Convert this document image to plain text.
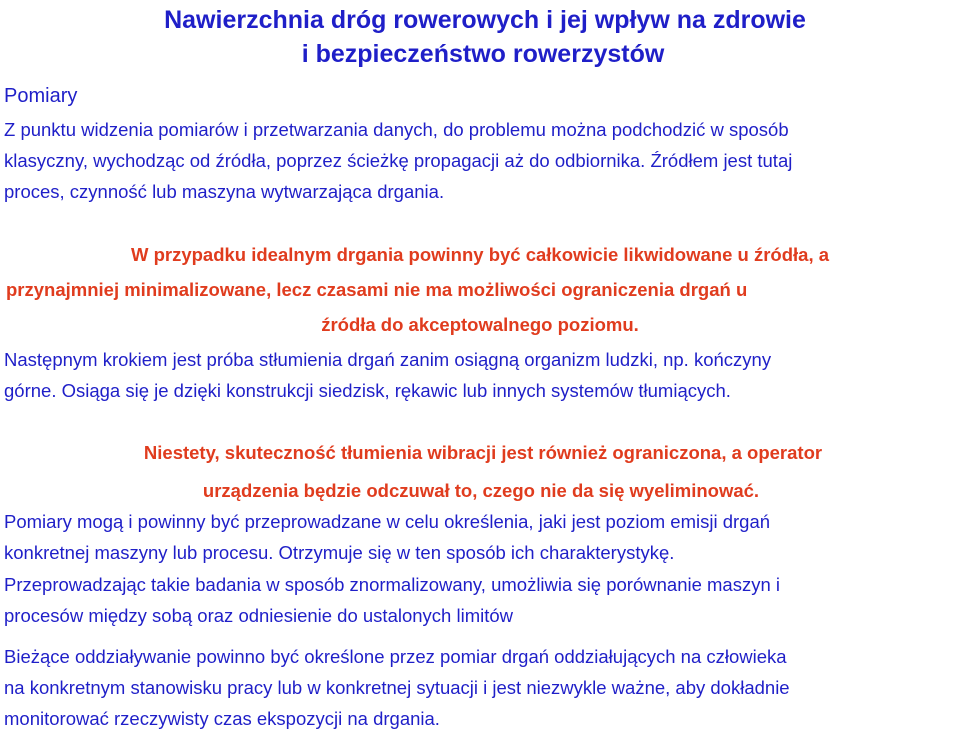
Nawierzchnia dróg rowerowych i jej wpływ na zdrowie
i bezpieczeństwo rowerzystów
Pomiary
Z punktu widzenia pomiarów i przetwarzania danych, do problemu można podchodzić w sposób
klasyczny, wychodząc od źródła, poprzez ścieżkę propagacji aż do odbiornika. Źródłem jest tutaj
proces, czynność lub maszyna wytwarzająca drgania.
W przypadku idealnym drgania powinny być całkowicie likwidowane u źródła, a
przynajmniej minimalizowane, lecz czasami nie ma możliwości ograniczenia drgań u
źródła do akceptowalnego poziomu.
Następnym krokiem jest próba stłumienia drgań zanim osiągną organizm ludzki, np. kończyny
górne. Osiąga się je dzięki konstrukcji siedzisk, rękawic lub innych systemów tłumiących.
Niestety, skuteczność tłumienia wibracji jest również ograniczona, a operator
urządzenia będzie odczuwał to, czego nie da się wyeliminować.
Pomiary mogą i powinny być przeprowadzane w celu określenia, jaki jest poziom emisji drgań
konkretnej maszyny lub procesu. Otrzymuje się w ten sposób ich charakterystykę.
Przeprowadzając takie badania w sposób znormalizowany, umożliwia się porównanie maszyn i
procesów między sobą oraz odniesienie do ustalonych limitów
Bieżące oddziaływanie powinno być określone przez pomiar drgań oddziałujących na człowieka
na konkretnym stanowisku pracy lub w konkretnej sytuacji i jest niezwykle ważne, aby dokładnie
monitorować rzeczywisty czas ekspozycji na drgania.
